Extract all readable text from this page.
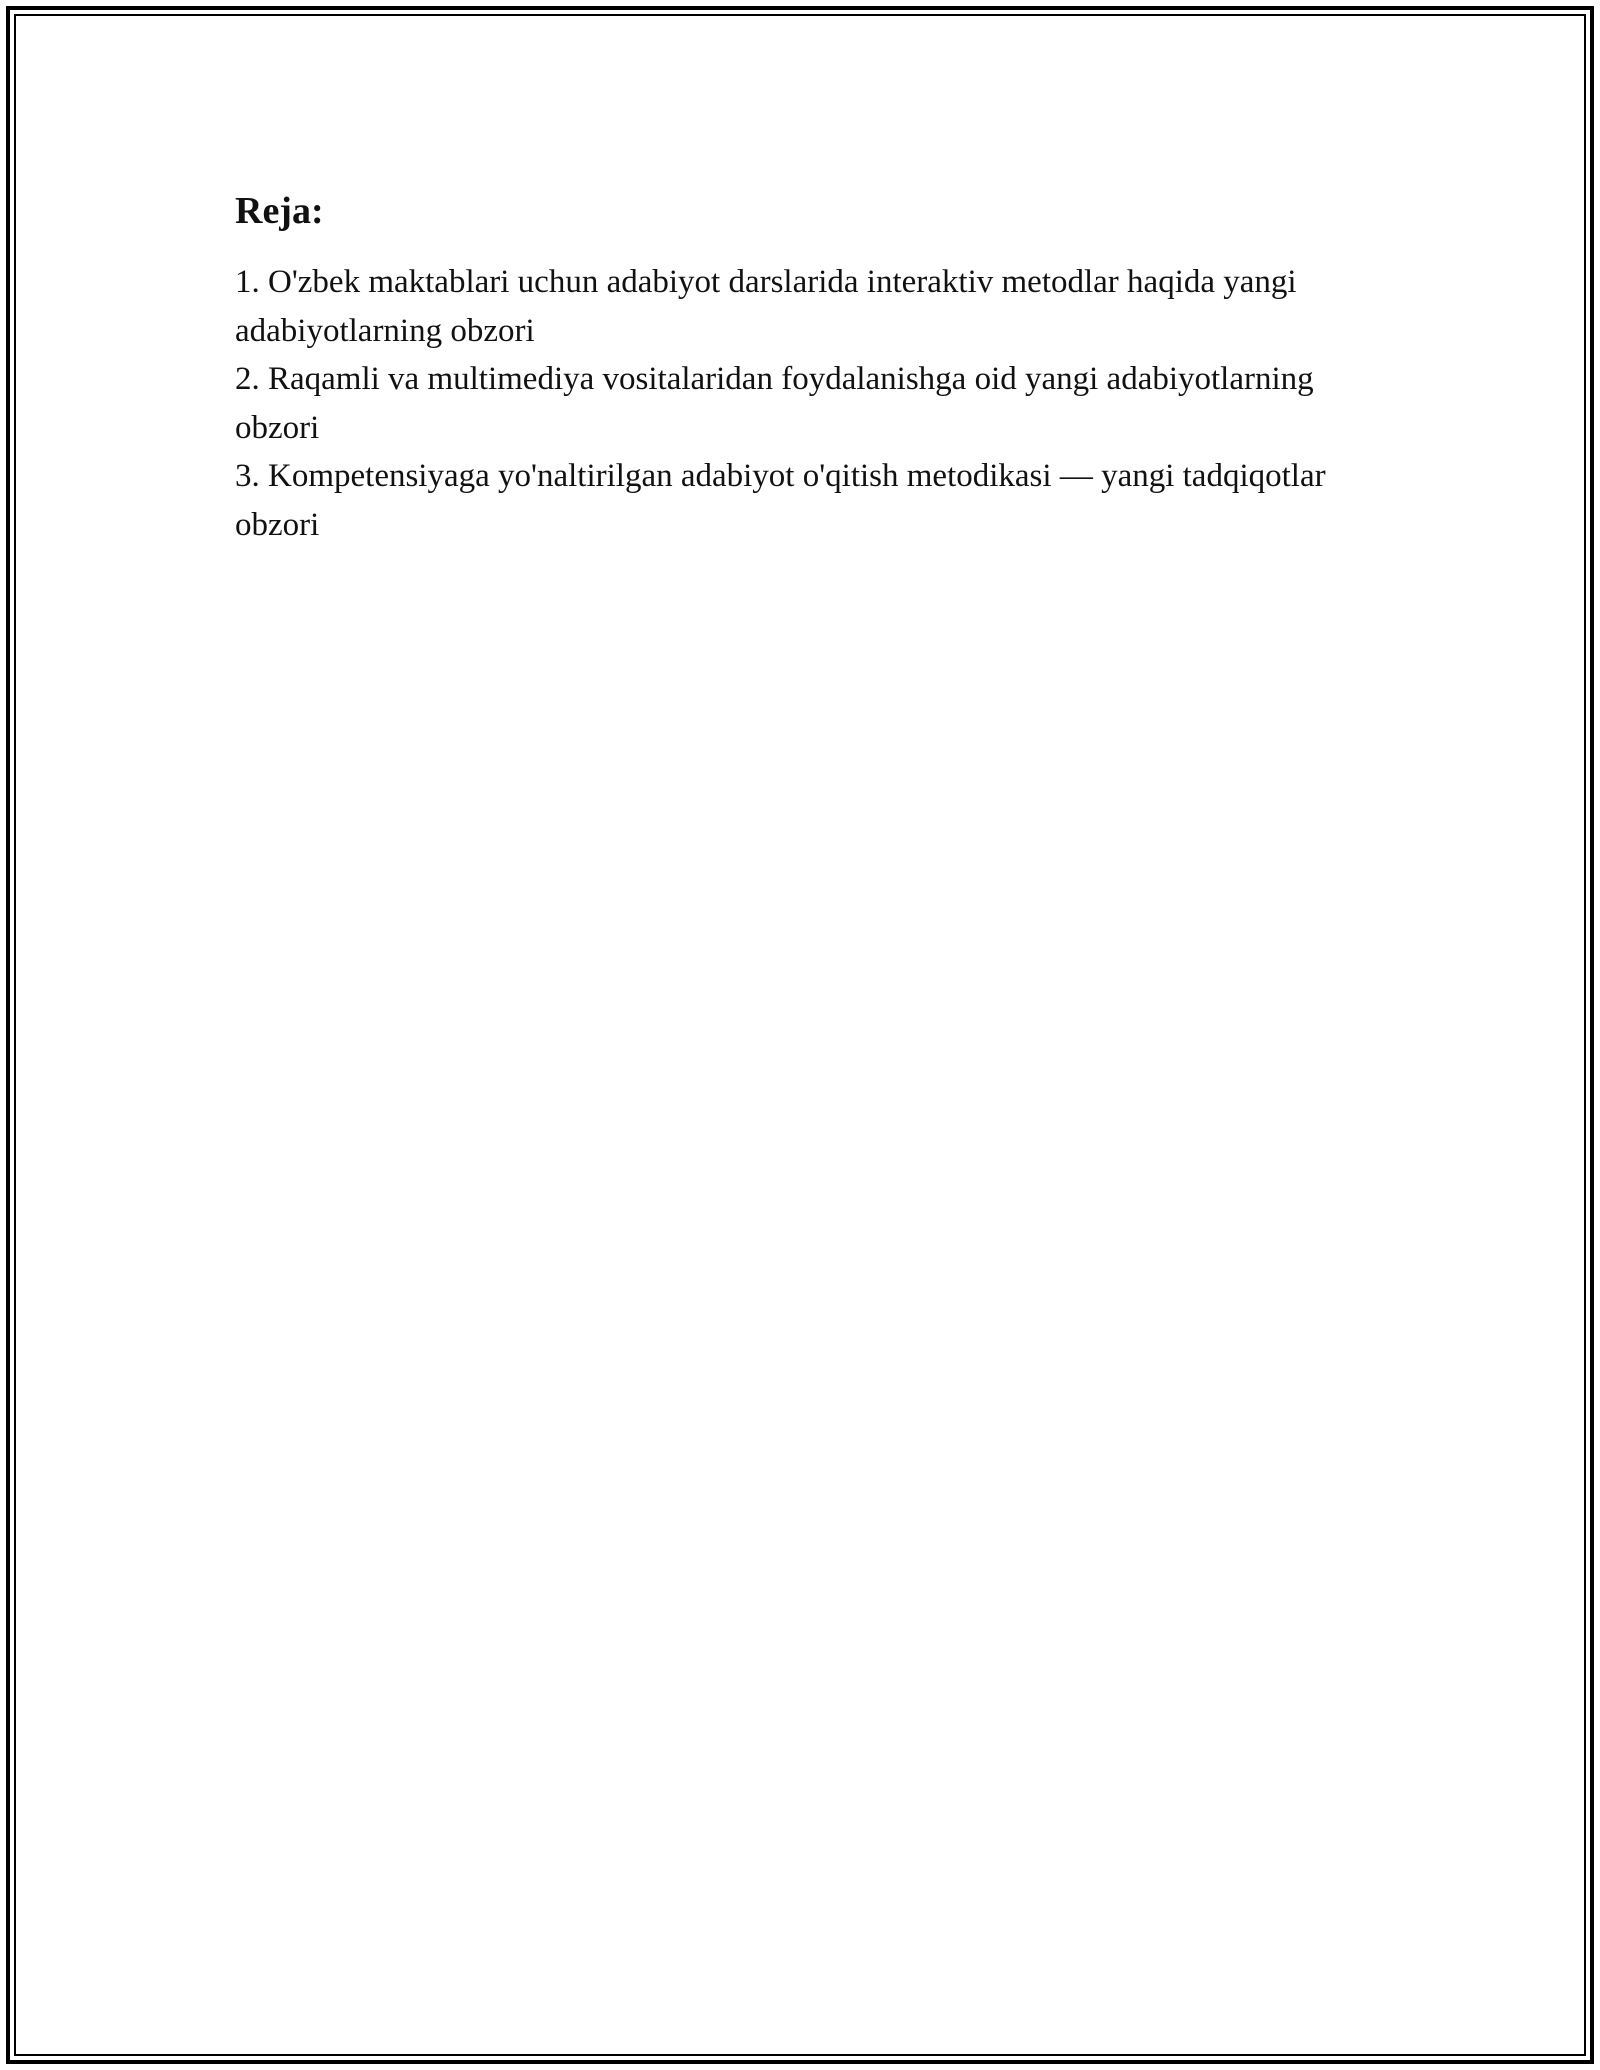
Reja:

1. O'zbek maktablari uchun adabiyot darslarida interaktiv metodlar haqida yangi adabiyotlarning obzori

2. Raqamli va multimediya vositalaridan foydalanishga oid yangi adabiyotlarning obzori

3. Kompetensiyaga yo'naltirilgan adabiyot o'qitish metodikasi — yangi tadqiqotlar obzori
